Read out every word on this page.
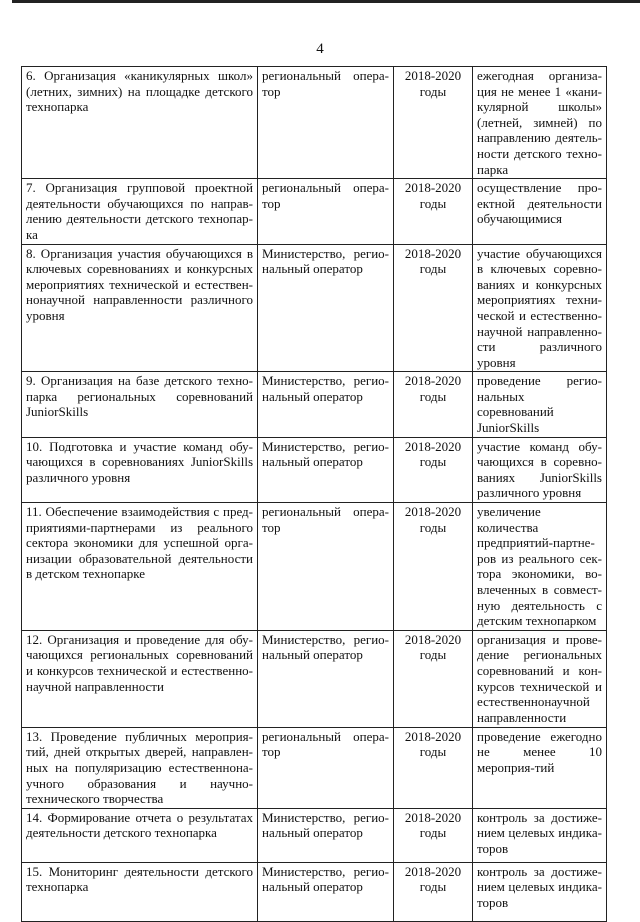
4
6. Организация «каникулярных школ» (летних, зимних) на площадке детского технопарка	региональный опера-тор	2018-2020 годы	ежегодная организа-ция не менее 1 «кани-кулярной школы» (летней, зимней) по направлению деятель-ности детского техно-парка
7. Организация групповой проектной деятельности обучающихся по направ-лению деятельности детского технопар-ка	региональный опера-тор	2018-2020 годы	осуществление про-ектной деятельности обучающимися
8. Организация участия обучающихся в ключевых соревнованиях и конкурсных мероприятиях технической и естествен-нонаучной направленности различного уровня	Министерство, регио-нальный оператор	2018-2020 годы	участие обучающихся в ключевых соревно-ваниях и конкурсных мероприятиях техни-ческой и естественно-научной направленно-сти различного уровня
9. Организация на базе детского техно-парка региональных соревнований JuniorSkills	Министерство, регио-нальный оператор	2018-2020 годы	проведение регио-нальных соревнований JuniorSkills
10. Подготовка и участие команд обу-чающихся в соревнованиях JuniorSkills различного уровня	Министерство, регио-нальный оператор	2018-2020 годы	участие команд обу-чающихся в соревно-ваниях JuniorSkills различного уровня
11. Обеспечение взаимодействия с пред-приятиями-партнерами из реального сектора экономики для успешной орга-низации образовательной деятельности в детском технопарке	региональный опера-тор	2018-2020 годы	увеличение количества предприятий-партне-ров из реального сек-тора экономики, во-влеченных в совмест-ную деятельность с детским технопарком
12. Организация и проведение для обу-чающихся региональных соревнований и конкурсов технической и естественно-научной направленности	Министерство, регио-нальный оператор	2018-2020 годы	организация и прове-дение региональных соревнований и кон-курсов технической и естественнонаучной направленности
13. Проведение публичных мероприя-тий, дней открытых дверей, направлен-ных на популяризацию естественнона-учного образования и научно-технического творчества	региональный опера-тор	2018-2020 годы	проведение ежегодно не менее 10 мероприя-тий
14. Формирование отчета о результатах деятельности детского технопарка	Министерство, регио-нальный оператор	2018-2020 годы	контроль за достиже-нием целевых индика-торов
15. Мониторинг деятельности детского технопарка	Министерство, регио-нальный оператор	2018-2020 годы	контроль за достиже-нием целевых индика-торов
